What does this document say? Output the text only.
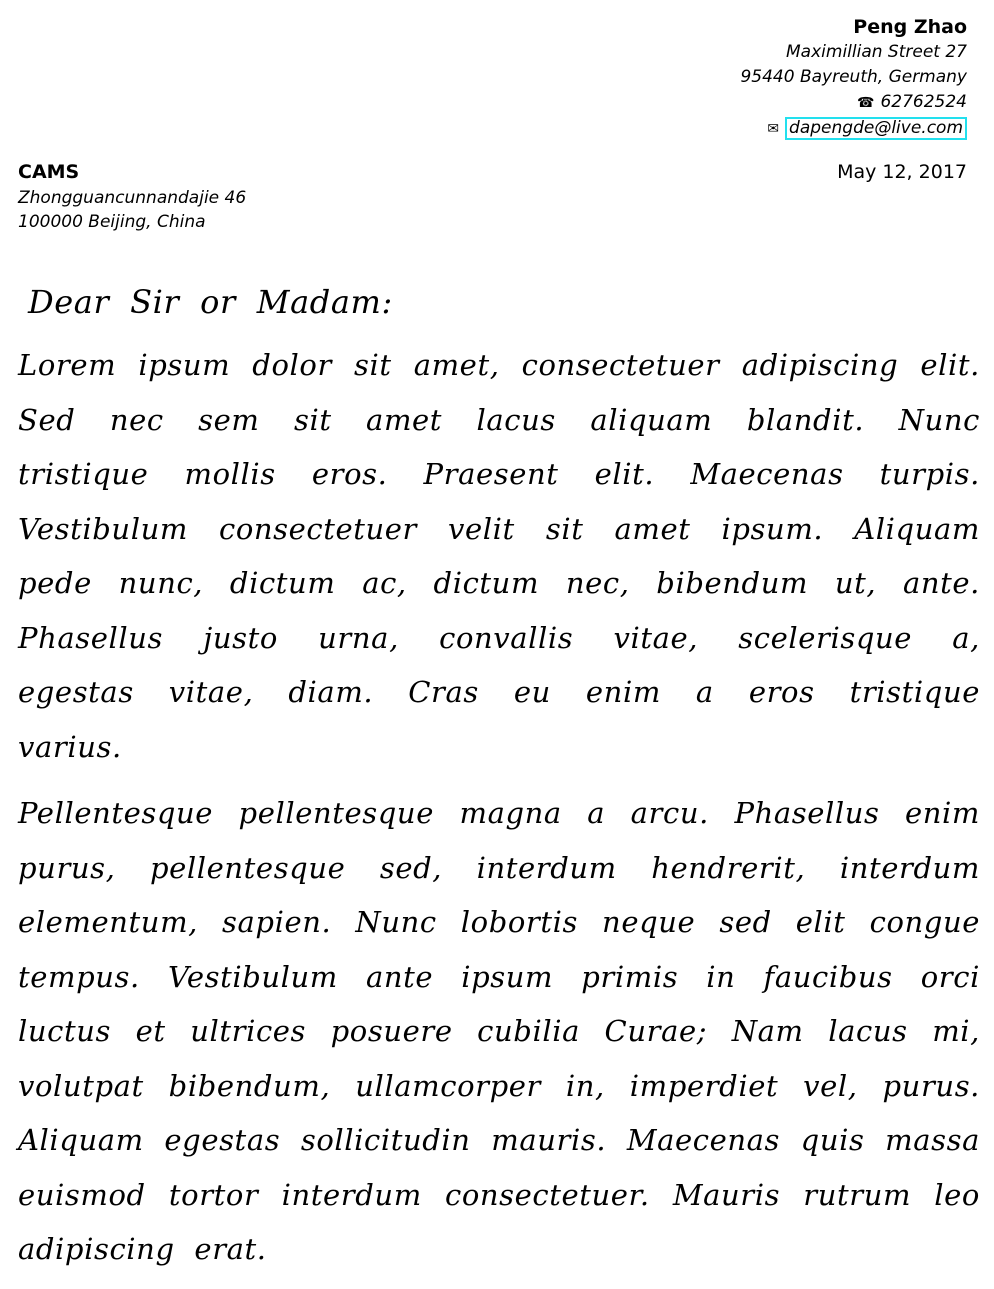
Peng Zhao
Maximillian Street 27
95440 Bayreuth, Germany
☎ 62762524
✉ dapengde@live.com
CAMS
Zhongguancunnandajie 46
100000 Beijing, China
May 12, 2017
Dear Sir or Madam:

Lorem ipsum dolor sit amet, consectetuer adipiscing elit. Sed nec sem sit amet lacus aliquam blandit. Nunc tristique mollis eros. Praesent elit. Maecenas turpis. Vestibulum consectetuer velit sit amet ipsum. Aliquam pede nunc, dictum ac, dictum nec, bibendum ut, ante. Phasellus justo urna, convallis vitae, scelerisque a, egestas vitae, diam. Cras eu enim a eros tristique varius.

Pellentesque pellentesque magna a arcu. Phasellus enim purus, pellentesque sed, interdum hendrerit, interdum elementum, sapien. Nunc lobortis neque sed elit congue tempus. Vestibulum ante ipsum primis in faucibus orci luctus et ultrices posuere cubilia Curae; Nam lacus mi, volutpat bibendum, ullamcorper in, imperdiet vel, purus. Aliquam egestas sollicitudin mauris. Maecenas quis massa euismod tortor interdum consectetuer. Mauris rutrum leo adipiscing erat.
